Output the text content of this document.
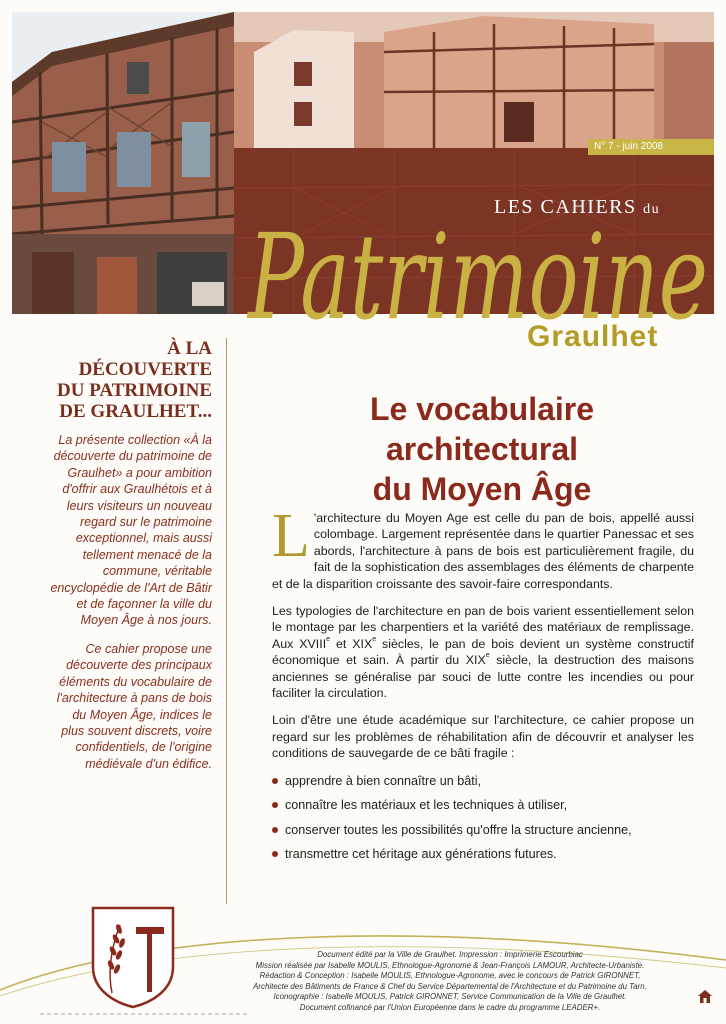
N° 7 - juin 2008
LES CAHIERS du
Patrimoine
Graulhet
À LA
DÉCOUVERTE
DU PATRIMOINE
DE GRAULHET...
La présente collection «À la
découverte du patrimoine de
Graulhet» a pour ambition
d'offrir aux Graulhétois et à
leurs visiteurs un nouveau
regard sur le patrimoine
exceptionnel, mais aussi
tellement menacé de la
commune, véritable
encyclopédie de l'Art de Bâtir
et de façonner la ville du
Moyen Âge à nos jours.
Ce cahier propose une
découverte des principaux
éléments du vocabulaire de
l'architecture à pans de bois
du Moyen Âge, indices le
plus souvent discrets, voire
confidentiels, de l'origine
médiévale d'un édifice.
Le vocabulaire
architectural
du Moyen Âge

L 'architecture du Moyen Age est celle du pan de bois, appellé aussi colombage. Largement représentée dans le quartier Panessac et ses abords, l'architecture à pans de bois est particulièrement fragile, du fait de la sophistication des assemblages des éléments de charpente et de la disparition croissante des savoir-faire correspondants.

Les typologies de l'architecture en pan de bois varient essentiellement selon le montage par les charpentiers et la variété des matériaux de remplissage. Aux XVIIIe et XIXe siècles, le pan de bois devient un système constructif économique et sain. À partir du XIXe siècle, la destruction des maisons anciennes se généralise par souci de lutte contre les incendies ou pour faciliter la circulation.

Loin d'être une étude académique sur l'architecture, ce cahier propose un regard sur les problèmes de réhabilitation afin de découvrir et analyser les conditions de sauvegarde de ce bâti fragile :

apprendre à bien connaître un bâti,
connaître les matériaux et les techniques à utiliser,
conserver toutes les possibilités qu'offre la structure ancienne,
transmettre cet héritage aux générations futures.
Document édité par la Ville de Graulhet. Impression : Imprimerie Escourbiac
Mission réalisée par Isabelle MOULIS, Ethnologue-Agronome & Jean-François LAMOUR, Architecte-Urbaniste.
Rédaction & Conception : Isabelle MOULIS, Ethnologue-Agronome, avec le concours de Patrick GIRONNET,
Architecte des Bâtiments de France & Chef du Service Départemental de l'Architecture et du Patrimoine du Tarn.
Iconographie : Isabelle MOULIS, Patrick GIRONNET, Service Communication de la Ville de Graulhet.
Document cofinancé par l'Union Européenne dans le cadre du programme LEADER+.
